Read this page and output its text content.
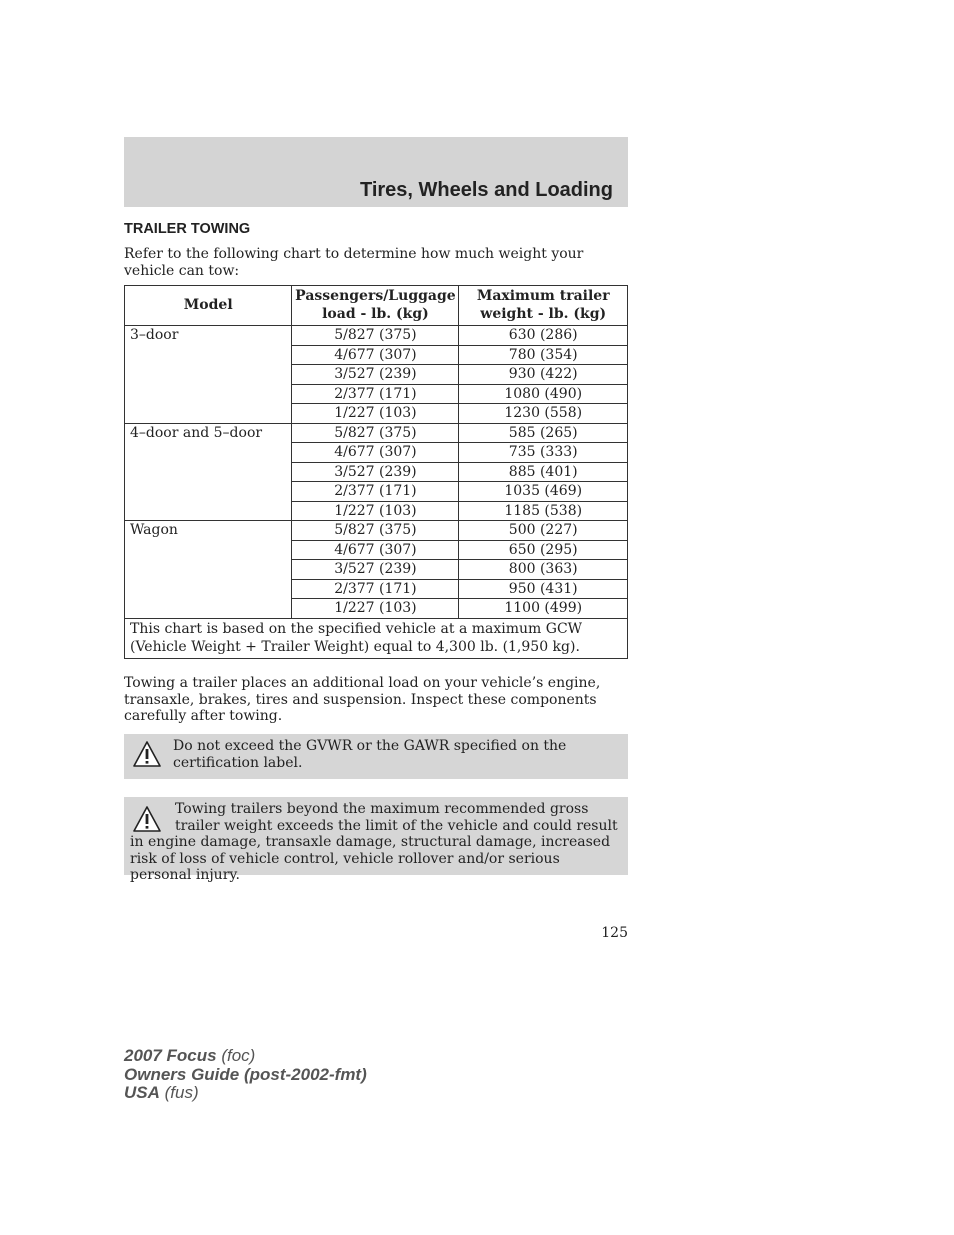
Tires, Wheels and Loading
TRAILER TOWING
Refer to the following chart to determine how much weight your vehicle can tow:
Model	Passengers/Luggage load - lb. (kg)	Maximum trailer weight - lb. (kg)
3–door	5/827 (375)	630 (286)
	4/677 (307)	780 (354)
	3/527 (239)	930 (422)
	2/377 (171)	1080 (490)
	1/227 (103)	1230 (558)
4–door and 5–door	5/827 (375)	585 (265)
	4/677 (307)	735 (333)
	3/527 (239)	885 (401)
	2/377 (171)	1035 (469)
	1/227 (103)	1185 (538)
Wagon	5/827 (375)	500 (227)
	4/677 (307)	650 (295)
	3/527 (239)	800 (363)
	2/377 (171)	950 (431)
	1/227 (103)	1100 (499)
This chart is based on the specified vehicle at a maximum GCW (Vehicle Weight + Trailer Weight) equal to 4,300 lb. (1,950 kg).		
Towing a trailer places an additional load on your vehicle’s engine, transaxle, brakes, tires and suspension. Inspect these components carefully after towing.
Do not exceed the GVWR or the GAWR specified on the certification label.
Towing trailers beyond the maximum recommended gross trailer weight exceeds the limit of the vehicle and could result in engine damage, transaxle damage, structural damage, increased risk of loss of vehicle control, vehicle rollover and/or serious personal injury.
125
2007 Focus (foc)
Owners Guide (post-2002-fmt)
USA (fus)
